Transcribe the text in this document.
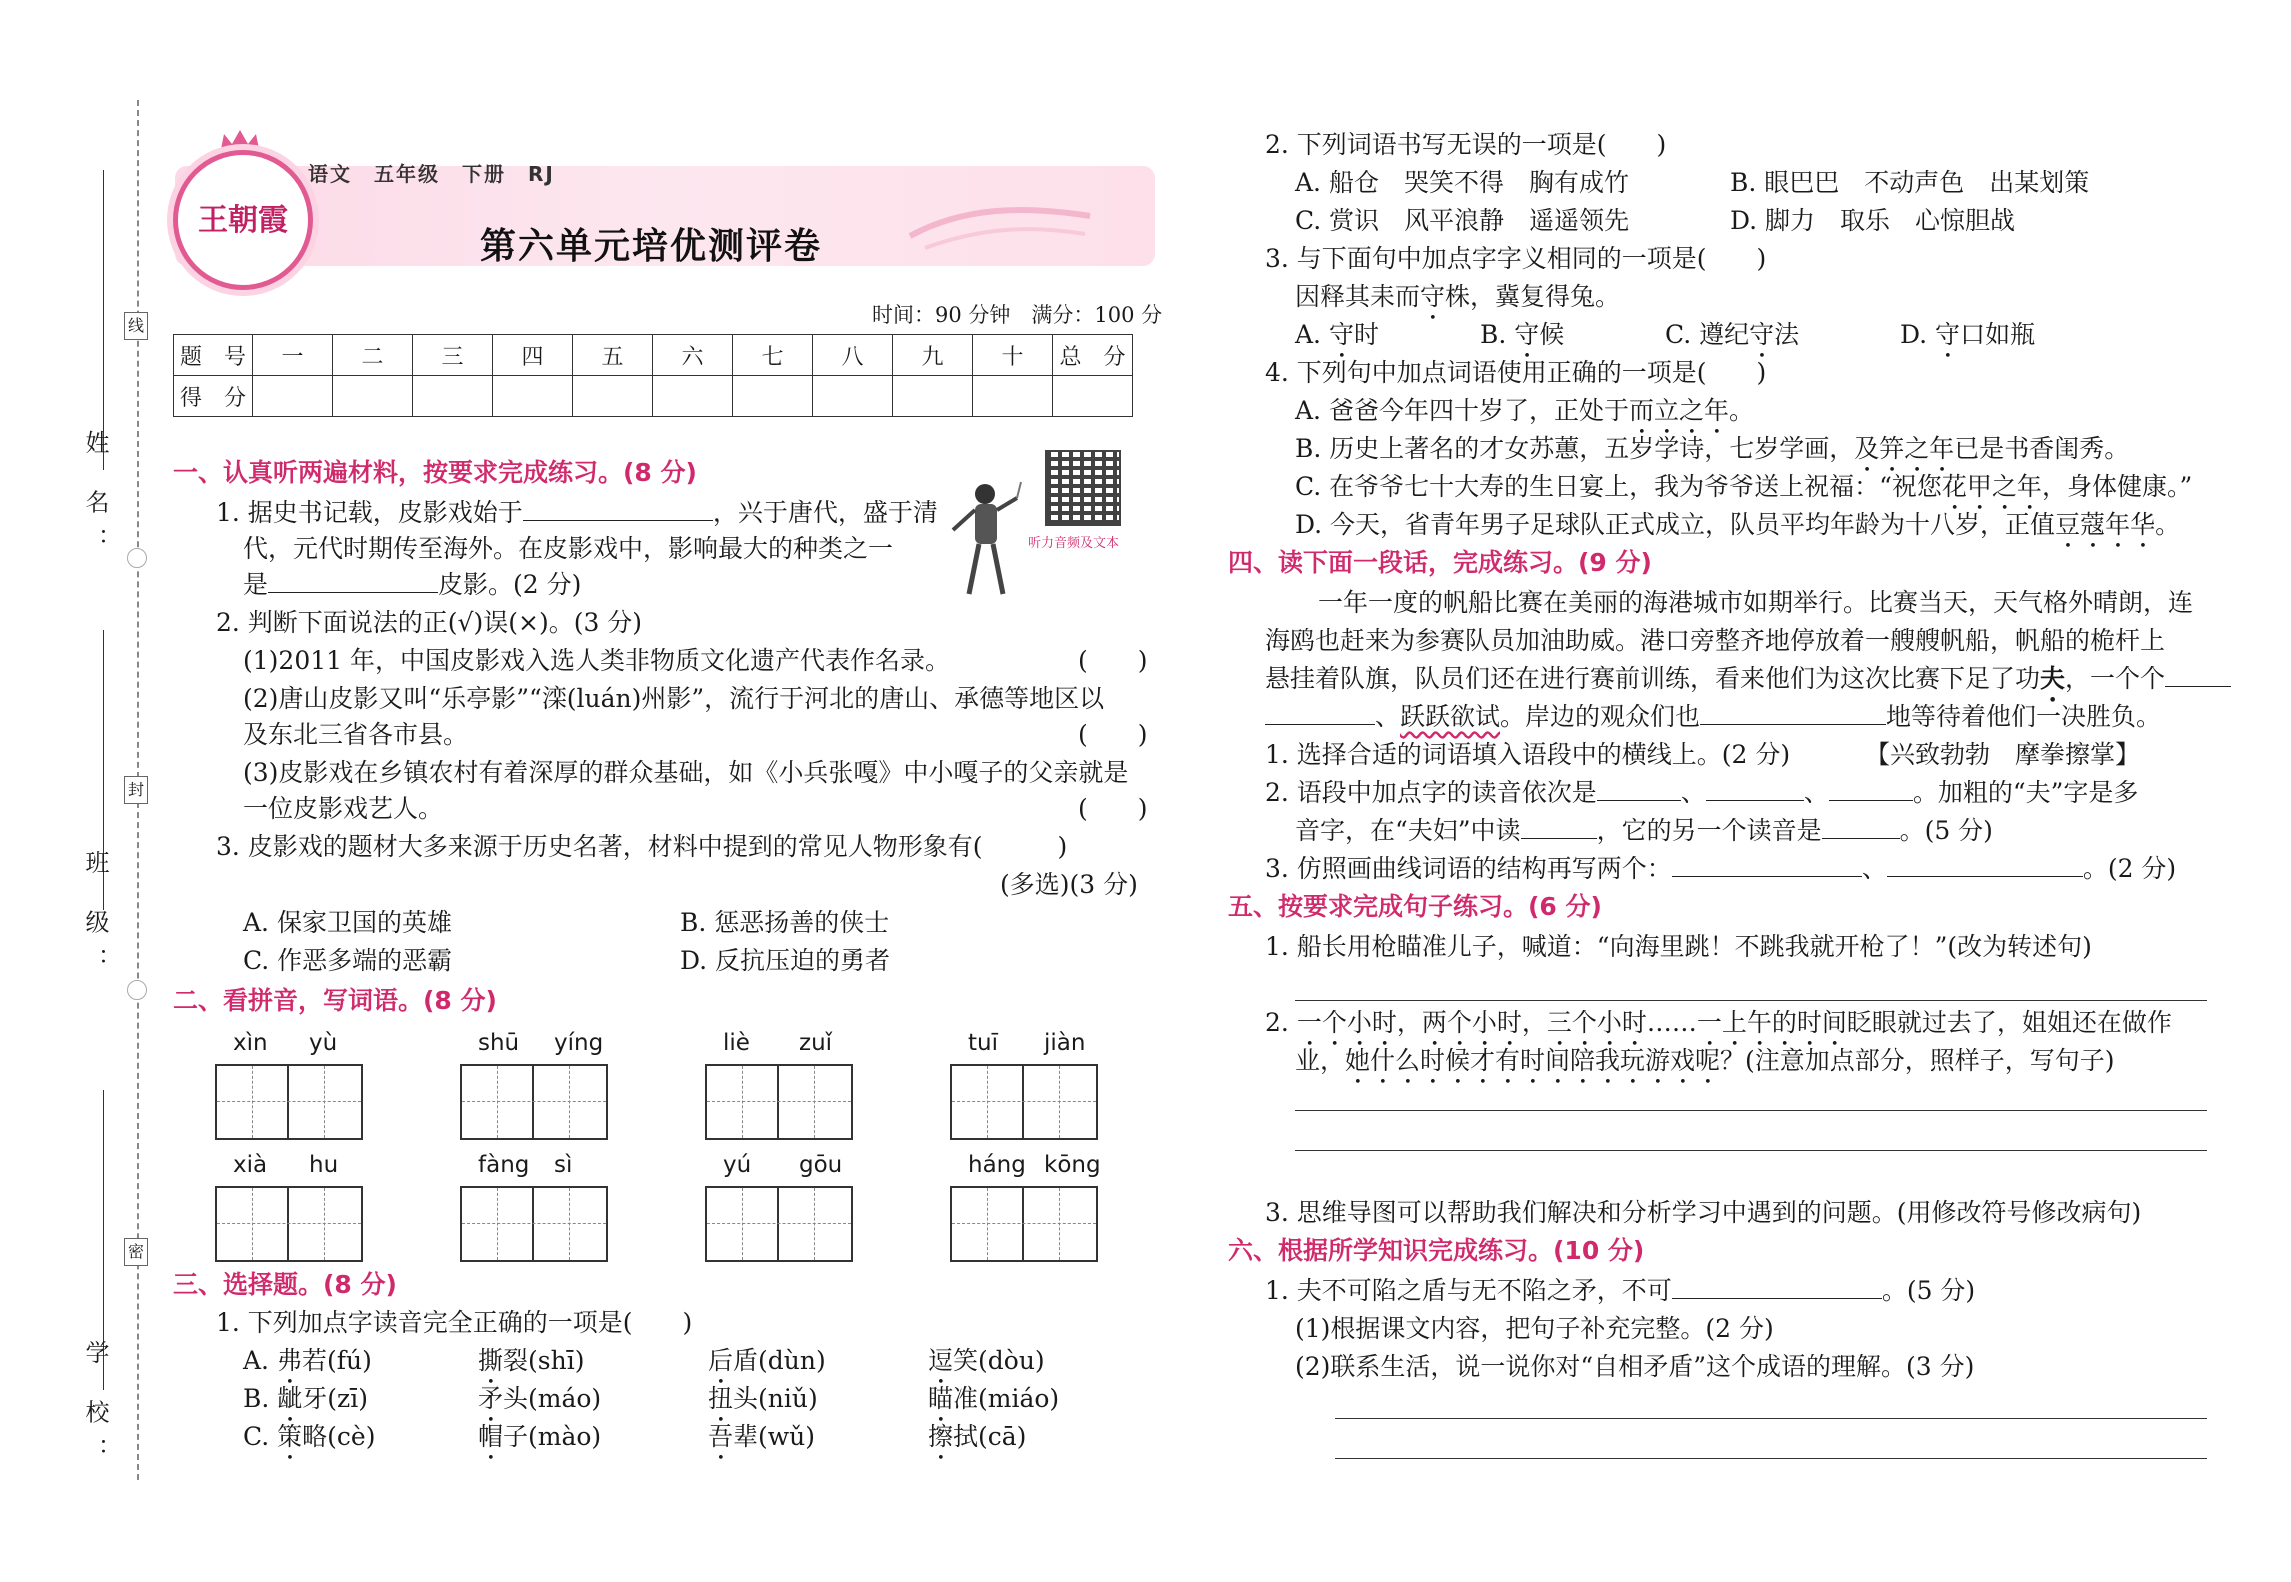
姓 名：
班 级：
学 校：
线
封
密
王朝霞
语文　五年级　下册　RJ
第六单元培优测评卷
时间：90 分钟　满分：100 分
题　号	一	二	三	四	五	六	七	八	九	十	总　分
得　分											
一、认真听两遍材料，按要求完成练习。(8 分)
听力音频及文本
1. 据史书记载，皮影戏始于	，兴于唐代，盛于清
代，元代时期传至海外。在皮影戏中，影响最大的种类之一
是	皮影。(2 分)
2. 判断下面说法的正(√)误(×)。(3 分)
(1)2011 年，中国皮影戏入选人类非物质文化遗产代表作名录。	(　　)
(2)唐山皮影又叫“乐亭影”“滦(luán)州影”，流行于河北的唐山、承德等地区以
及东北三省各市县。	(　　)
(3)皮影戏在乡镇农村有着深厚的群众基础，如《小兵张嘎》中小嘎子的父亲就是
一位皮影戏艺人。	(　　)
3. 皮影戏的题材大多来源于历史名著，材料中提到的常见人物形象有(　　　)
(多选)(3 分)
A. 保家卫国的英雄	B. 惩恶扬善的侠士
C. 作恶多端的恶霸	D. 反抗压迫的勇者
二、看拼音，写词语。(8 分)
xìn yù	shū yíng	liè zuǐ	tuī jiàn
xià hu	fàng sì	yú gōu	háng kōng
三、选择题。(8 分)
1. 下列加点字读音完全正确的一项是(　　)
A. 弗若(fú)	撕裂(shī)	后盾(dùn)	逗笑(dòu)
B. 龇牙(zī)	矛头(máo)	扭头(niǔ)	瞄准(miáo)
C. 策略(cè)	帽子(mào)	吾辈(wǔ)	擦拭(cā)
2. 下列词语书写无误的一项是(　　)
A. 船仓　哭笑不得　胸有成竹	B. 眼巴巴　不动声色　出某划策
C. 赏识　风平浪静　遥遥领先	D. 脚力　取乐　心惊胆战
3. 与下面句中加点字字义相同的一项是(　　)
因释其耒而守株，冀复得兔。
A. 守时	B. 守候	C. 遵纪守法	D. 守口如瓶
4. 下列句中加点词语使用正确的一项是(　　)
A. 爸爸今年四十岁了，正处于而立之年。
B. 历史上著名的才女苏蕙，五岁学诗，七岁学画，及笄之年已是书香闺秀。
C. 在爷爷七十大寿的生日宴上，我为爷爷送上祝福：“祝您花甲之年，身体健康。”
D. 今天，省青年男子足球队正式成立，队员平均年龄为十八岁，正值豆蔻年华。
四、读下面一段话，完成练习。(9 分)
一年一度的帆船比赛在美丽的海港城市如期举行。比赛当天，天气格外晴朗，连
海鸥也赶来为参赛队员加油助威。港口旁整齐地停放着一艘艘帆船，帆船的桅杆上
悬挂着队旗，队员们还在进行赛前训练，看来他们为这次比赛下足了功夫，一个个
、跃跃欲试。岸边的观众们也	地等待着他们一决胜负。
1. 选择合适的词语填入语段中的横线上。(2 分)	【兴致勃勃　摩拳擦掌】
2. 语段中加点字的读音依次是	、	、	。加粗的“夫”字是多
音字，在“夫妇”中读	，它的另一个读音是	。(5 分)
3. 仿照画曲线词语的结构再写两个：	、	。(2 分)
五、按要求完成句子练习。(6 分)
1. 船长用枪瞄准儿子，喊道：“向海里跳！不跳我就开枪了！”(改为转述句)
2. 一个小时，两个小时，三个小时……一上午的时间眨眼就过去了，姐姐还在做作
业，她什么时候才有时间陪我玩游戏呢？(注意加点部分，照样子，写句子)
3. 思维导图可以帮助我们解决和分析学习中遇到的问题。(用修改符号修改病句)
六、根据所学知识完成练习。(10 分)
1. 夫不可陷之盾与无不陷之矛，不可	。(5 分)
(1)根据课文内容，把句子补充完整。(2 分)
(2)联系生活，说一说你对“自相矛盾”这个成语的理解。(3 分)
